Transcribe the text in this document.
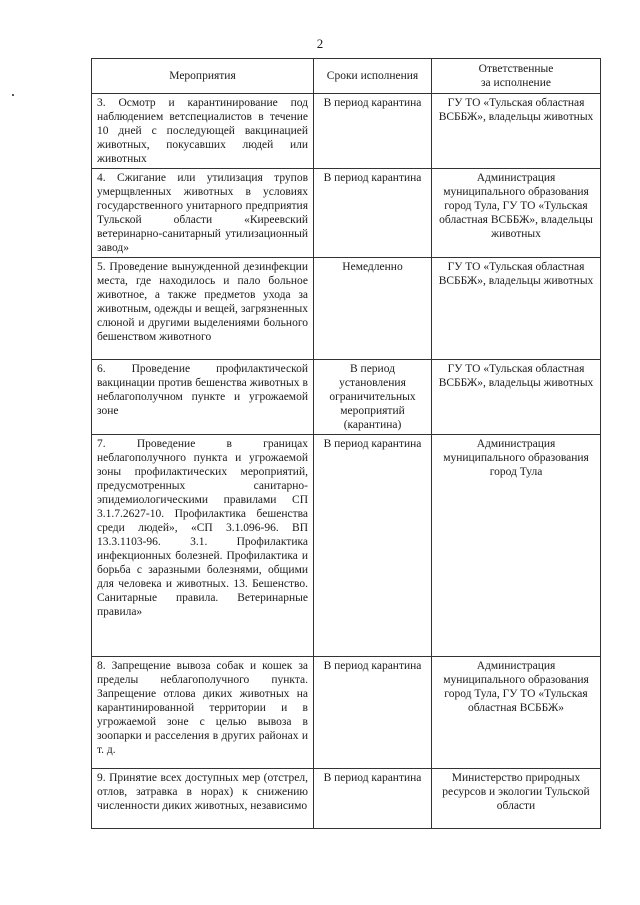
2
Мероприятия	Сроки исполнения	Ответственные
за исполнение
3. Осмотр и карантинирование под наблюдением ветспециалистов в течение 10 дней с последующей вакцинацией животных, покусавших людей или животных	В период карантина	ГУ ТО «Тульская областная ВСББЖ», владельцы животных
4. Сжигание или утилизация трупов умерщвленных животных в условиях государственного унитарного предприятия Тульской области «Киреевский ветеринарно-санитарный утилизационный завод»	В период карантина	Администрация муниципального образования город Тула, ГУ ТО «Тульская областная ВСББЖ», владельцы животных
5. Проведение вынужденной дезинфекции места, где находилось и пало больное животное, а также предметов ухода за животным, одежды и вещей, загрязненных слюной и другими выделениями больного бешенством животного	Немедленно	ГУ ТО «Тульская областная ВСББЖ», владельцы животных
6. Проведение профилактической вакцинации против бешенства животных в неблагополучном пункте и угрожаемой зоне	В период установления ограничительных мероприятий (карантина)	ГУ ТО «Тульская областная ВСББЖ», владельцы животных
7. Проведение в границах неблагополучного пункта и угрожаемой зоны профилактических мероприятий, предусмотренных санитарно-эпидемиологическими правилами СП 3.1.7.2627-10. Профилактика бешенства среди людей», «СП 3.1.096-96. ВП 13.3.1103-96. 3.1. Профилактика инфекционных болезней. Профилактика и борьба с заразными болезнями, общими для человека и животных. 13. Бешенство. Санитарные правила. Ветеринарные правила»	В период карантина	Администрация муниципального образования город Тула
8. Запрещение вывоза собак и кошек за пределы неблагополучного пункта. Запрещение отлова диких животных на карантинированной территории и в угрожаемой зоне с целью вывоза в зоопарки и расселения в других районах и т. д.	В период карантина	Администрация муниципального образования город Тула, ГУ ТО «Тульская областная ВСББЖ»
9. Принятие всех доступных мер (отстрел, отлов, затравка в норах) к снижению численности диких животных, независимо	В период карантина	Министерство природных ресурсов и экологии Тульской области
